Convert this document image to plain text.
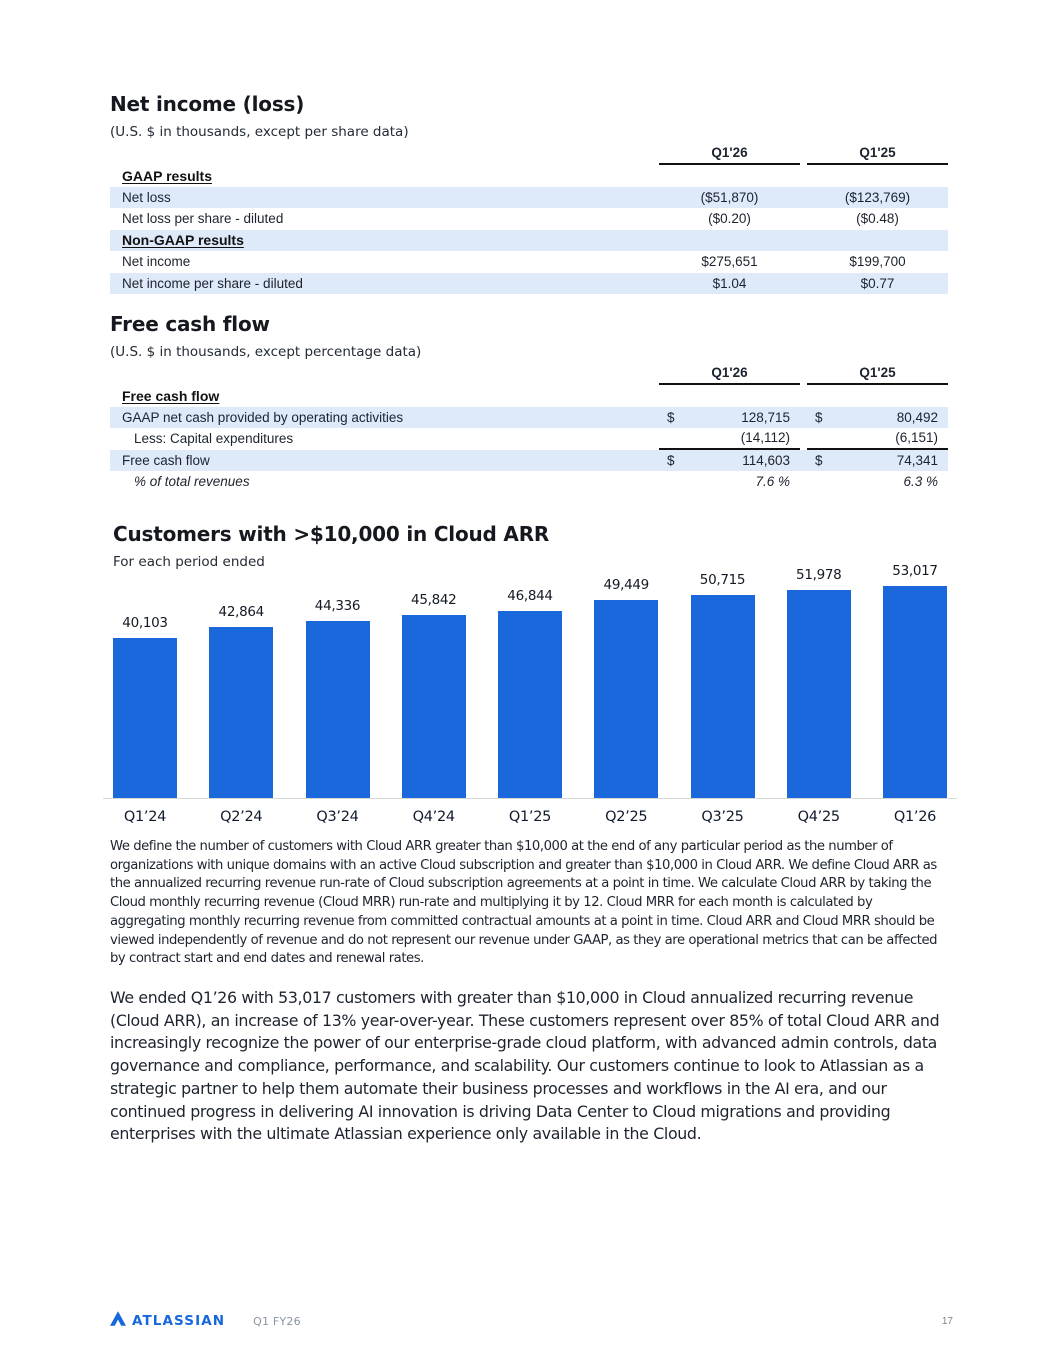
Net income (loss)
(U.S. $ in thousands, except per share data)
Q1'26	Q1'25
GAAP results
Net loss	($51,870)	($123,769)
Net loss per share - diluted	($0.20)	($0.48)
Non-GAAP results
Net income	$275,651	$199,700
Net income per share - diluted	$1.04	$0.77
Free cash flow
(U.S. $ in thousands, except percentage data)
Q1'26	Q1'25
Free cash flow
GAAP net cash provided by operating activities	$	128,715 $	80,492
Less: Capital expenditures	(14,112)	(6,151)
Free cash flow	$	114,603 $	74,341
% of total revenues	7.6 %	6.3 %
Customers with >$10,000 in Cloud ARR
For each period ended
40,103
42,864	44,336	45,842	46,844
49,449	50,715	51,978	53,017
Q1’24	Q2’24	Q3’24	Q4’24	Q1’25	Q2’25	Q3’25	Q4’25	Q1’26
We define the number of customers with Cloud ARR greater than $10,000 at the end of any particular period as the number of organizations with unique domains with an active Cloud subscription and greater than $10,000 in Cloud ARR. We define Cloud ARR as the annualized recurring revenue run-rate of Cloud subscription agreements at a point in time. We calculate Cloud ARR by taking the Cloud monthly recurring revenue (Cloud MRR) run-rate and multiplying it by 12. Cloud MRR for each month is calculated by aggregating monthly recurring revenue from committed contractual amounts at a point in time. Cloud ARR and Cloud MRR should be viewed independently of revenue and do not represent our revenue under GAAP, as they are operational metrics that can be affected by contract start and end dates and renewal rates.
We ended Q1’26 with 53,017 customers with greater than $10,000 in Cloud annualized recurring revenue (Cloud ARR), an increase of 13% year-over-year. These customers represent over 85% of total Cloud ARR and increasingly recognize the power of our enterprise-grade cloud platform, with advanced admin controls, data governance and compliance, performance, and scalability. Our customers continue to look to Atlassian as a strategic partner to help them automate their business processes and workflows in the AI era, and our continued progress in delivering AI innovation is driving Data Center to Cloud migrations and providing enterprises with the ultimate Atlassian experience only available in the Cloud.
ATLASSIAN	Q1 FY26	17
